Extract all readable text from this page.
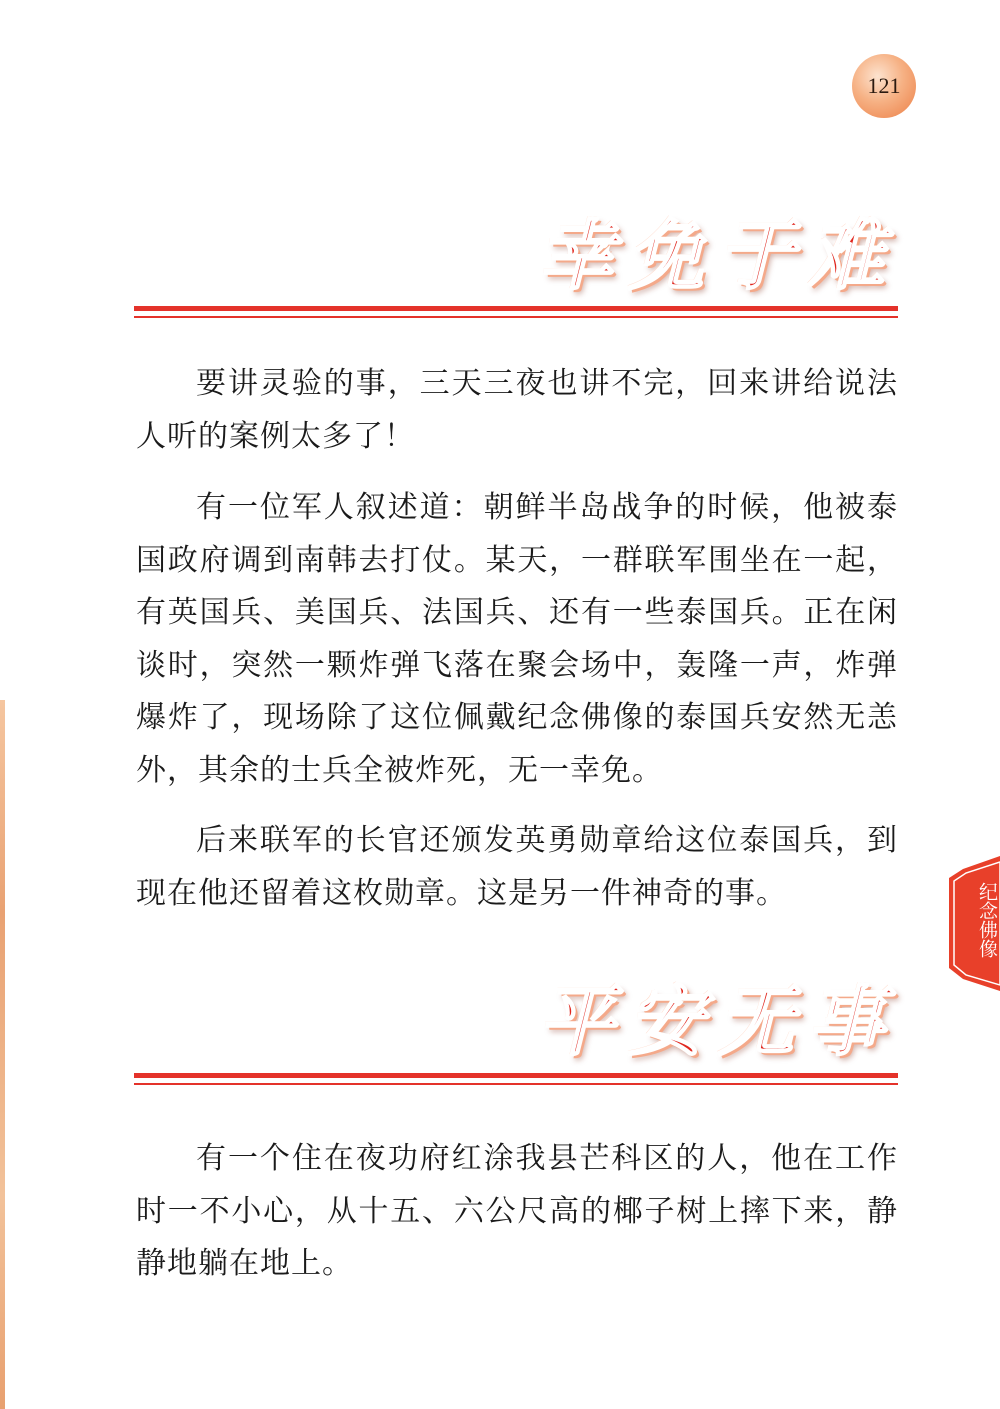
121
幸免于难

要讲灵验的事，三天三夜也讲不完，回来讲给说法人听的案例太多了！

有一位军人叙述道：朝鲜半岛战争的时候，他被泰国政府调到南韩去打仗。某天，一群联军围坐在一起，有英国兵、美国兵、法国兵、还有一些泰国兵。正在闲谈时，突然一颗炸弹飞落在聚会场中，轰隆一声，炸弹爆炸了，现场除了这位佩戴纪念佛像的泰国兵安然无恙外，其余的士兵全被炸死，无一幸免。

后来联军的长官还颁发英勇勋章给这位泰国兵，到现在他还留着这枚勋章。这是另一件神奇的事。

平安无事

有一个住在夜功府红涂我县芒科区的人，他在工作时一不小心，从十五、六公尺高的椰子树上摔下来，静静地躺在地上。

纪念佛像
